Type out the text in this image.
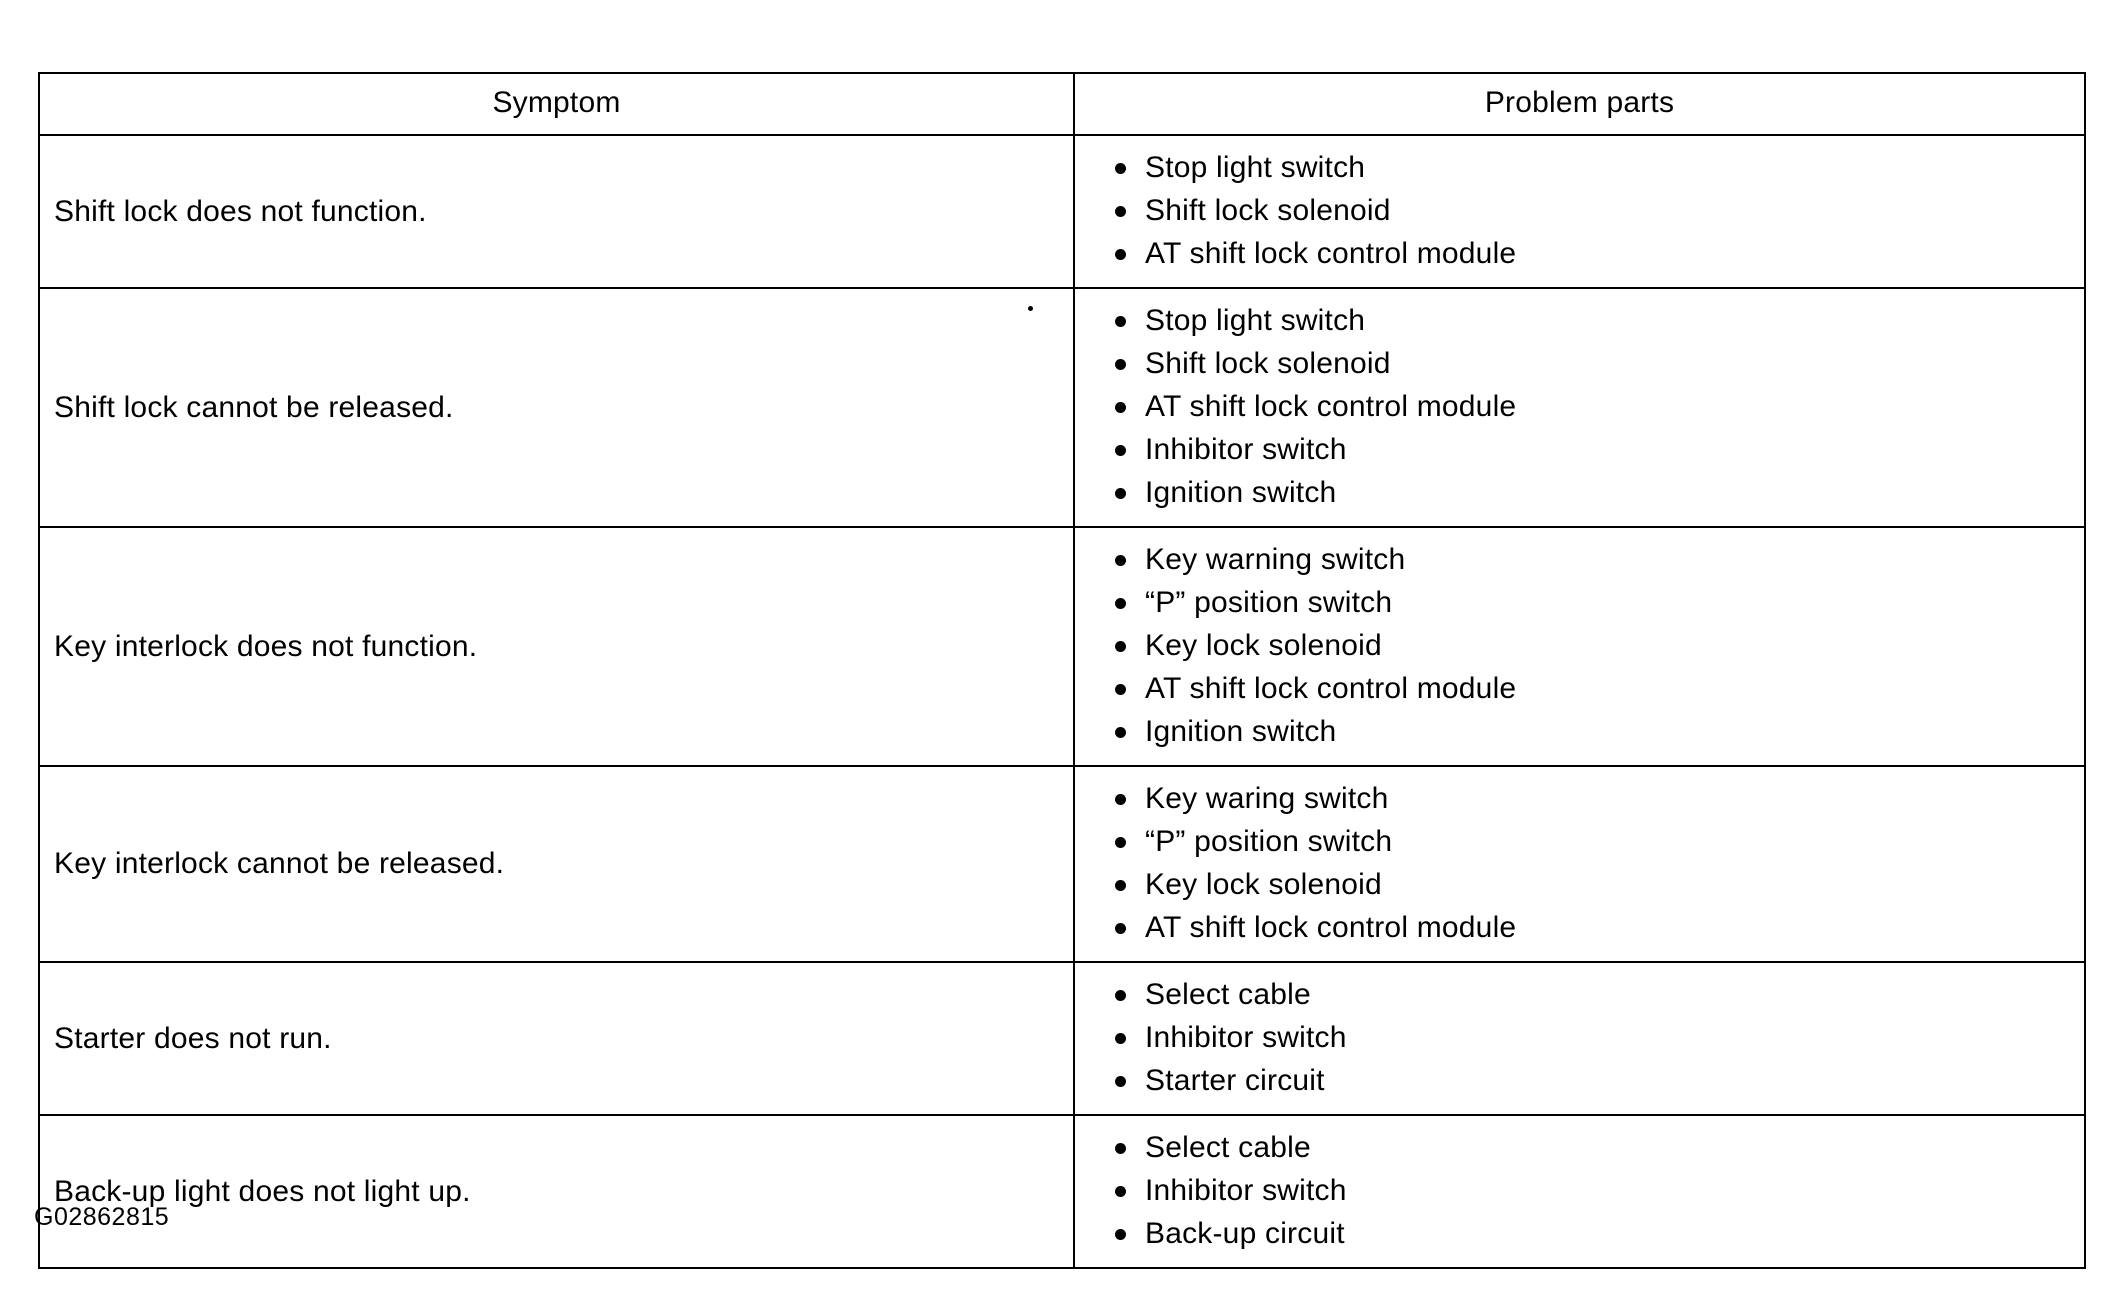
Symptom	Problem parts
Shift lock does not function.	
Stop light switch
Shift lock solenoid
AT shift lock control module

Shift lock cannot be released.	
Stop light switch
Shift lock solenoid
AT shift lock control module
Inhibitor switch
Ignition switch

Key interlock does not function.	
Key warning switch
“P” position switch
Key lock solenoid
AT shift lock control module
Ignition switch

Key interlock cannot be released.	
Key waring switch
“P” position switch
Key lock solenoid
AT shift lock control module

Starter does not run.	
Select cable
Inhibitor switch
Starter circuit

Back-up light does not light up.	
Select cable
Inhibitor switch
Back-up circuit
G02862815
